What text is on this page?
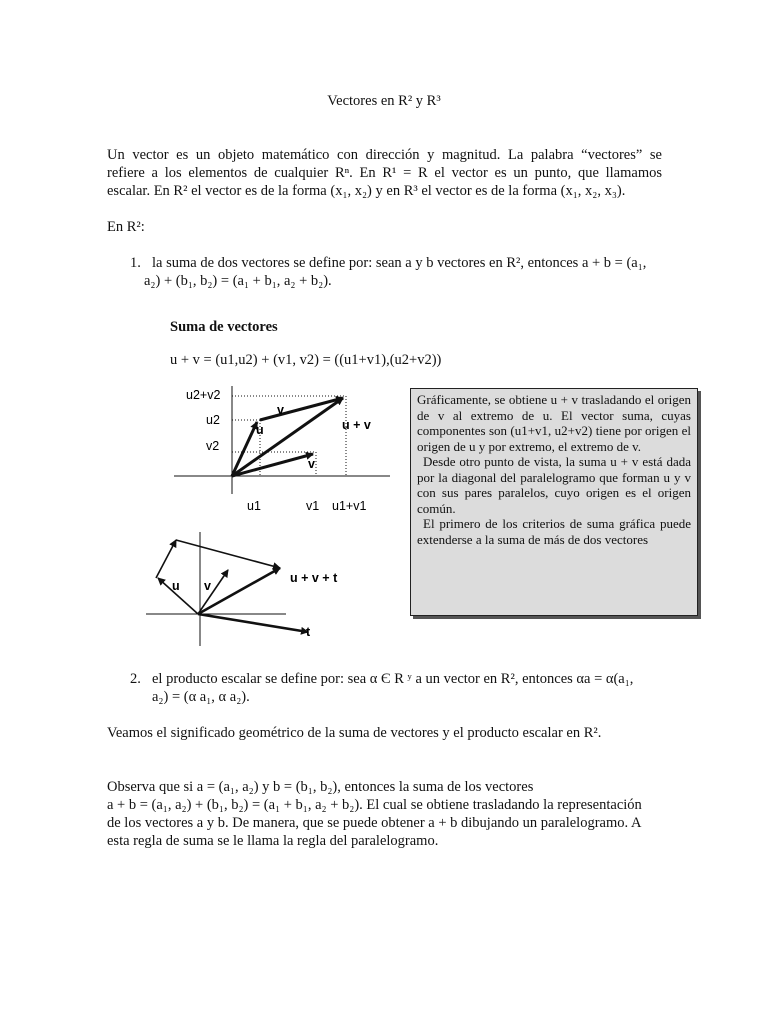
Vectores en R² y R³
Un vector es un objeto matemático con dirección y magnitud. La palabra “vectores” se
refiere a los elementos de cualquier Rⁿ. En R¹ = R el vector es un punto, que llamamos
escalar. En R² el vector es de la forma (x₁, x₂) y en R³ el vector es de la forma (x₁, x₂, x₃).
En R²:
1. la suma de dos vectores se define por: sean a y b vectores en R², entonces a + b = (a₁,
a₂) + (b₁, b₂) = (a₁ + b₁, a₂ + b₂).
Suma de vectores
u + v = (u1,u2) + (v1, v2) = ((u1+v1),(u2+v2))
u2+v2
u2
v2
u1	v1 u1+v1
u
v
u + v
v
u v
u + v + t
t

Gráficamente, se obtiene u + v trasladando el origen de v al extremo de u. El vector suma, cuyas componentes son (u1+v1, u2+v2) tiene por origen el origen de u y por extremo, el extremo de v.

Desde otro punto de vista, la suma u + v está dada por la diagonal del paralelogramo que forman u y v con sus pares paralelos, cuyo origen es el origen común.

El primero de los criterios de suma gráfica puede extenderse a la suma de más de dos vectores

2. el producto escalar se define por: sea α Є R ʸ a un vector en R², entonces αa = α(a₁,
a₂) = (α a₁, α a₂).
Veamos el significado geométrico de la suma de vectores y el producto escalar en R².
Observa que si a = (a₁, a₂) y b = (b₁, b₂), entonces la suma de los vectores
a + b = (a₁, a₂) + (b₁, b₂) = (a₁ + b₁, a₂ + b₂). El cual se obtiene trasladando la representación
de los vectores a y b. De manera, que se puede obtener a + b dibujando un paralelogramo. A
esta regla de suma se le llama la regla del paralelogramo.
